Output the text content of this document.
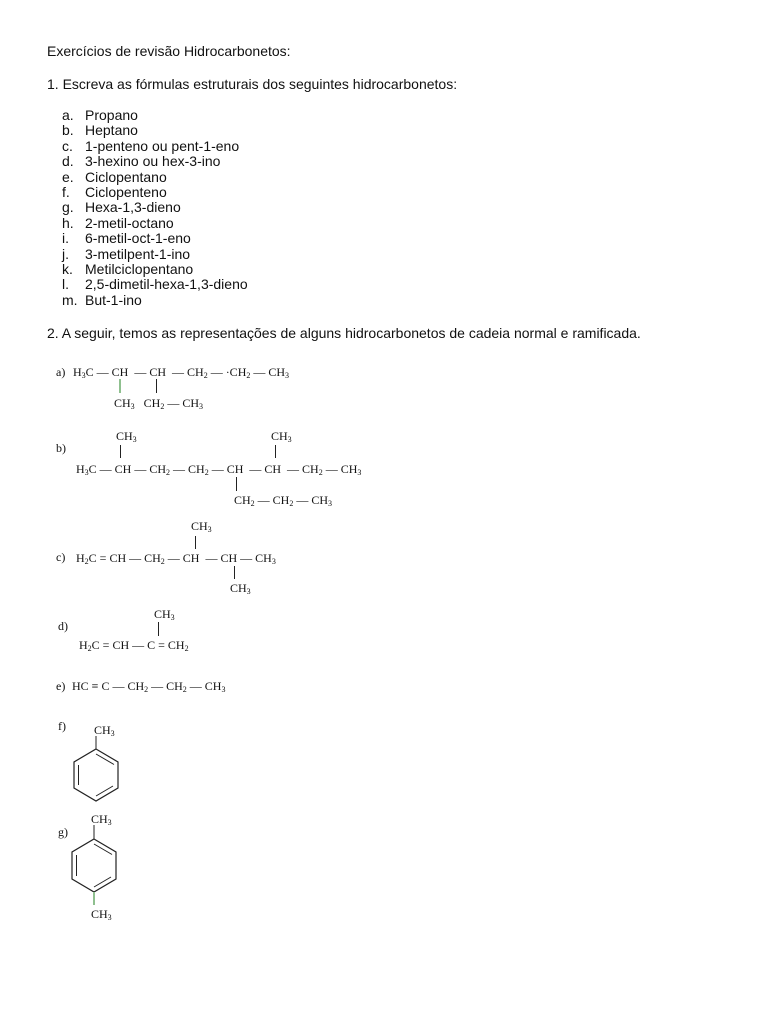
Exercícios de revisão Hidrocarbonetos:
1. Escreva as fórmulas estruturais dos seguintes hidrocarbonetos:
a. Propano
b. Heptano
c. 1-penteno ou pent-1-eno
d. 3-hexino ou hex-3-ino
e. Ciclopentano
f. Ciclopenteno
g. Hexa-1,3-dieno
h. 2-metil-octano
i. 6-metil-oct-1-eno
j. 3-metilpent-1-ino
k. Metilciclopentano
l. 2,5-dimetil-hexa-1,3-dieno
m. But-1-ino
2. A seguir, temos as representações de alguns hidrocarbonetos de cadeia normal e ramificada.
a) $H_3C$ — CH  — CH  — $CH_2$ — $\cdot CH_2$ — $CH_3$
$CH_3$   $CH_2$ — $CH_3$
b)
$CH_3$	$CH_3$
$H_3C$ — CH — $CH_2$ — $CH_2$ — CH  — CH  — $CH_2$ — $CH_3$
$CH_2$ — $CH_2$ — $CH_3$
c)
$CH_3$
$H_2C$ = CH — $CH_2$ — CH  — CH — $CH_3$
$CH_3$
d)
$CH_3$
$H_2C$ = CH — $C = CH_2$
e) HC ≡ C — $CH_2$ — $CH_2$ — $CH_3$
f) $CH_3$
g)
$CH_3$
$CH_3$
